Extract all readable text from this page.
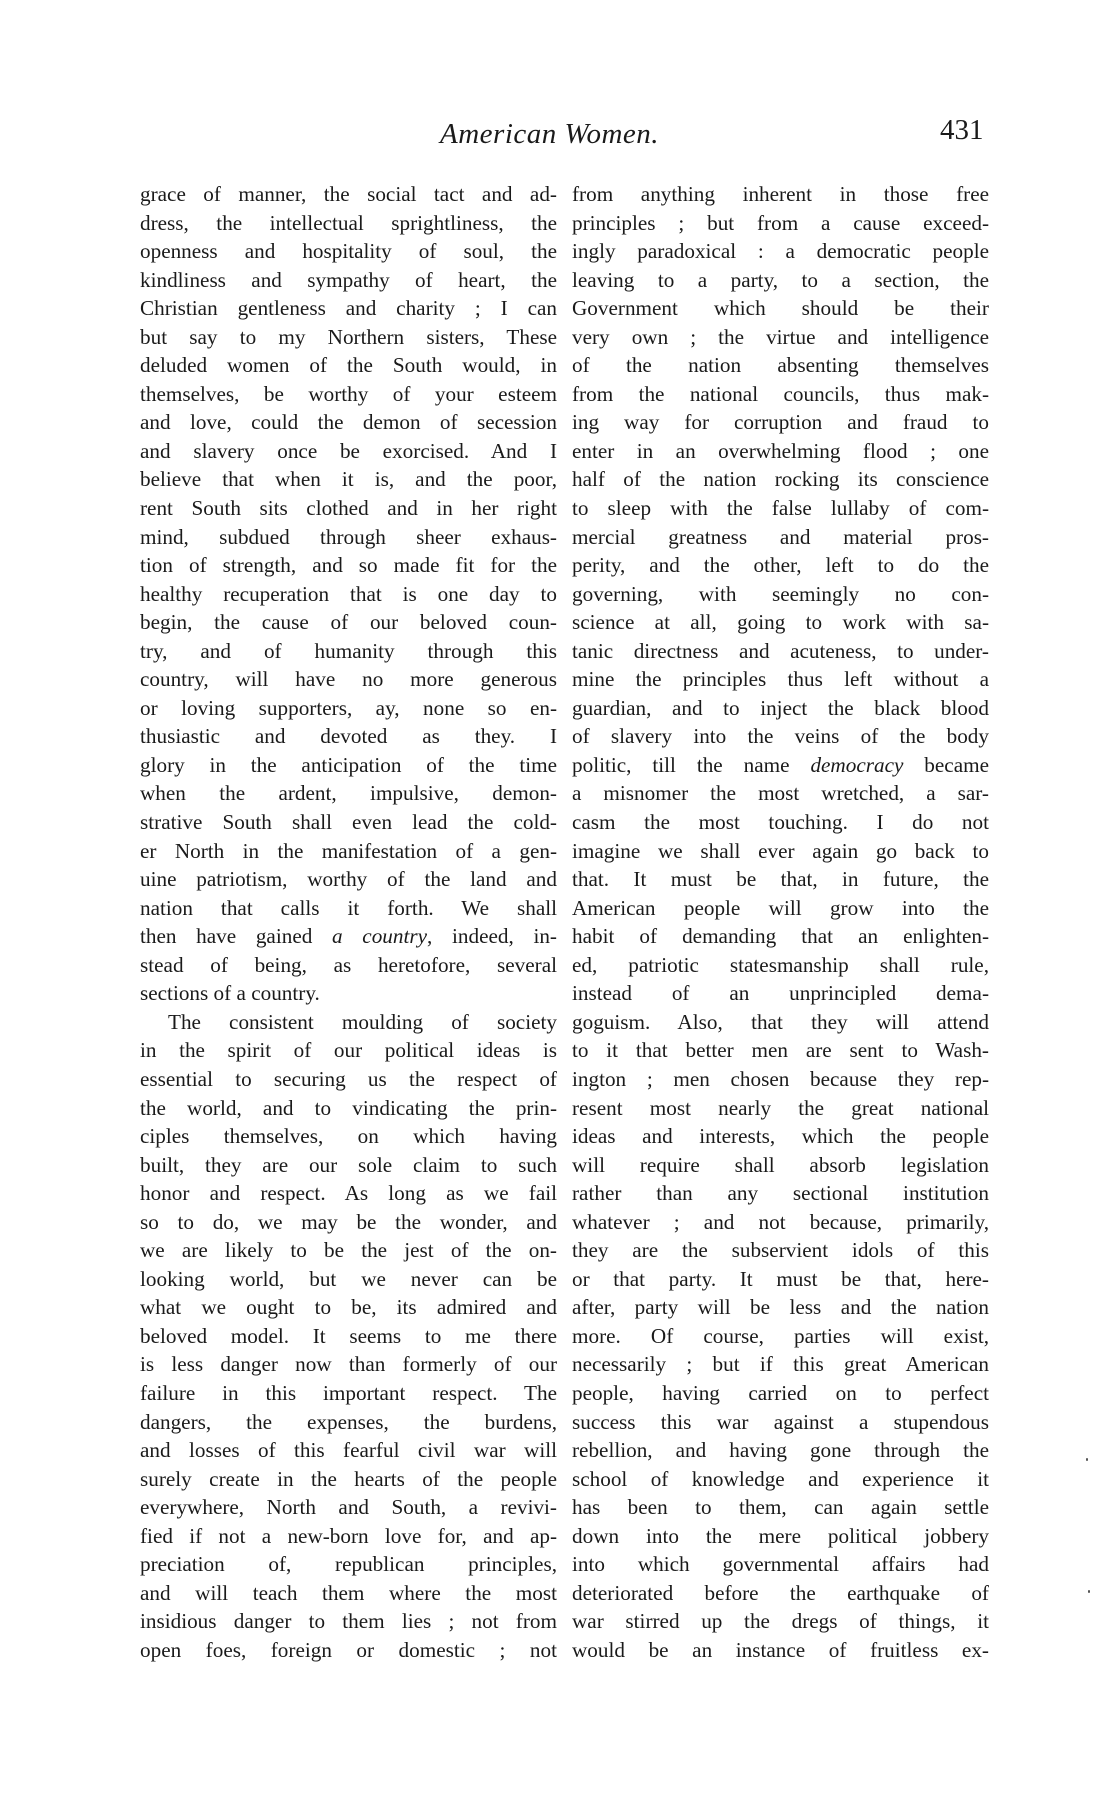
American Women.	431
grace of manner, the social tact and ad-
dress, the intellectual sprightliness, the
openness and hospitality of soul, the
kindliness and sympathy of heart, the
Christian gentleness and charity ; I can
but say to my Northern sisters, These
deluded women of the South would, in
themselves, be worthy of your esteem
and love, could the demon of secession
and slavery once be exorcised. And I
believe that when it is, and the poor,
rent South sits clothed and in her right
mind, subdued through sheer exhaus-
tion of strength, and so made fit for the
healthy recuperation that is one day to
begin, the cause of our beloved coun-
try, and of humanity through this
country, will have no more generous
or loving supporters, ay, none so en-
thusiastic and devoted as they. I
glory in the anticipation of the time
when the ardent, impulsive, demon-
strative South shall even lead the cold-
er North in the manifestation of a gen-
uine patriotism, worthy of the land and
nation that calls it forth. We shall
then have gained a country, indeed, in-
stead of being, as heretofore, several
sections of a country.
The consistent moulding of society
in the spirit of our political ideas is
essential to securing us the respect of
the world, and to vindicating the prin-
ciples themselves, on which having
built, they are our sole claim to such
honor and respect. As long as we fail
so to do, we may be the wonder, and
we are likely to be the jest of the on-
looking world, but we never can be
what we ought to be, its admired and
beloved model. It seems to me there
is less danger now than formerly of our
failure in this important respect. The
dangers, the expenses, the burdens,
and losses of this fearful civil war will
surely create in the hearts of the people
everywhere, North and South, a revivi-
fied if not a new-born love for, and ap-
preciation of, republican principles,
and will teach them where the most
insidious danger to them lies ; not from
open foes, foreign or domestic ; not
from anything inherent in those free
principles ; but from a cause exceed-
ingly paradoxical : a democratic people
leaving to a party, to a section, the
Government which should be their
very own ; the virtue and intelligence
of the nation absenting themselves
from the national councils, thus mak-
ing way for corruption and fraud to
enter in an overwhelming flood ; one
half of the nation rocking its conscience
to sleep with the false lullaby of com-
mercial greatness and material pros-
perity, and the other, left to do the
governing, with seemingly no con-
science at all, going to work with sa-
tanic directness and acuteness, to under-
mine the principles thus left without a
guardian, and to inject the black blood
of slavery into the veins of the body
politic, till the name democracy became
a misnomer the most wretched, a sar-
casm the most touching. I do not
imagine we shall ever again go back to
that. It must be that, in future, the
American people will grow into the
habit of demanding that an enlighten-
ed, patriotic statesmanship shall rule,
instead of an unprincipled dema-
goguism. Also, that they will attend
to it that better men are sent to Wash-
ington ; men chosen because they rep-
resent most nearly the great national
ideas and interests, which the people
will require shall absorb legislation
rather than any sectional institution
whatever ; and not because, primarily,
they are the subservient idols of this
or that party. It must be that, here-
after, party will be less and the nation
more. Of course, parties will exist,
necessarily ; but if this great American
people, having carried on to perfect
success this war against a stupendous
rebellion, and having gone through the
school of knowledge and experience it
has been to them, can again settle
down into the mere political jobbery
into which governmental affairs had
deteriorated before the earthquake of
war stirred up the dregs of things, it
would be an instance of fruitless ex-
